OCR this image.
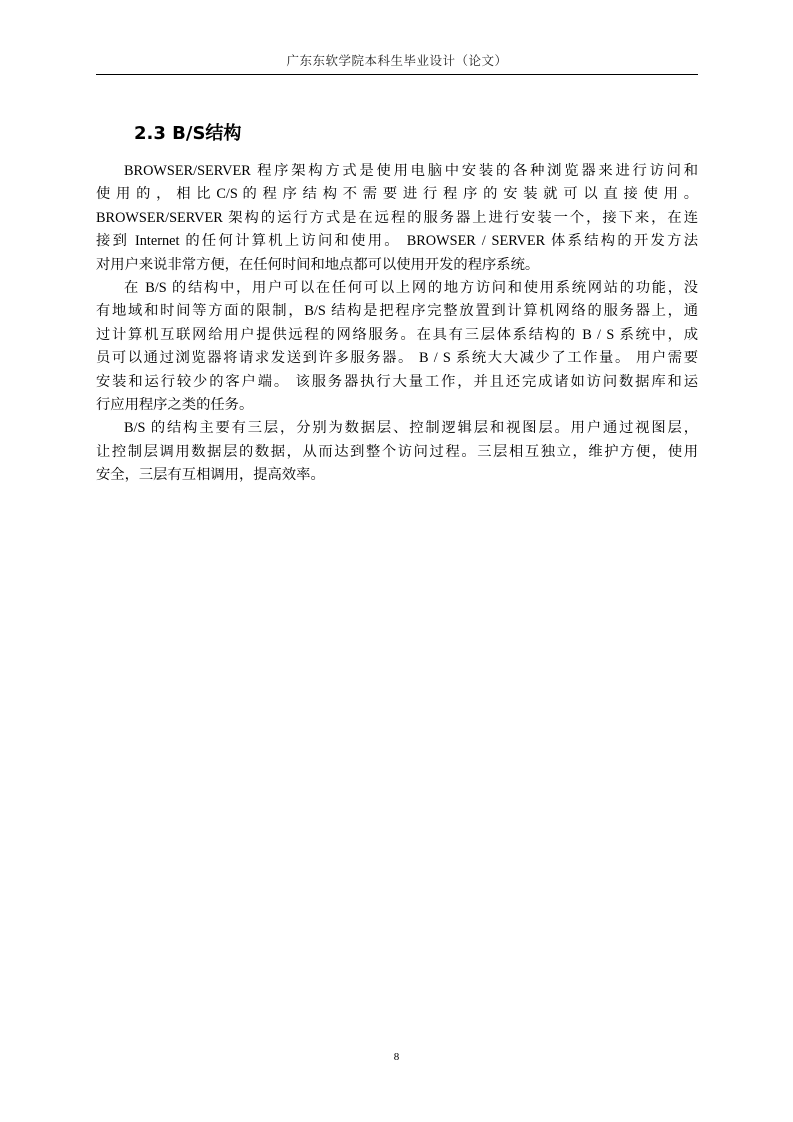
广东东软学院本科生毕业设计（论文）
2.3 B/S结构
BROWSER/SERVER 程序架构方式是使用电脑中安装的各种浏览器来进行访问和
使 用 的 ， 相 比 C/S 的 程 序 结 构 不 需 要 进 行 程 序 的 安 装 就 可 以 直 接 使 用 。
BROWSER/SERVER 架构的运行方式是在远程的服务器上进行安装一个，接下来，在连
接到 Internet 的任何计算机上访问和使用。 BROWSER / SERVER 体系结构的开发方法
对用户来说非常方便，在任何时间和地点都可以使用开发的程序系统。
在 B/S 的结构中，用户可以在任何可以上网的地方访问和使用系统网站的功能，没
有地域和时间等方面的限制，B/S 结构是把程序完整放置到计算机网络的服务器上，通
过计算机互联网给用户提供远程的网络服务。在具有三层体系结构的 B / S 系统中，成
员可以通过浏览器将请求发送到许多服务器。 B / S 系统大大减少了工作量。 用户需要
安装和运行较少的客户端。 该服务器执行大量工作，并且还完成诸如访问数据库和运
行应用程序之类的任务。
B/S 的结构主要有三层，分别为数据层、控制逻辑层和视图层。用户通过视图层，
让控制层调用数据层的数据，从而达到整个访问过程。三层相互独立，维护方便，使用
安全，三层有互相调用，提高效率。
8
